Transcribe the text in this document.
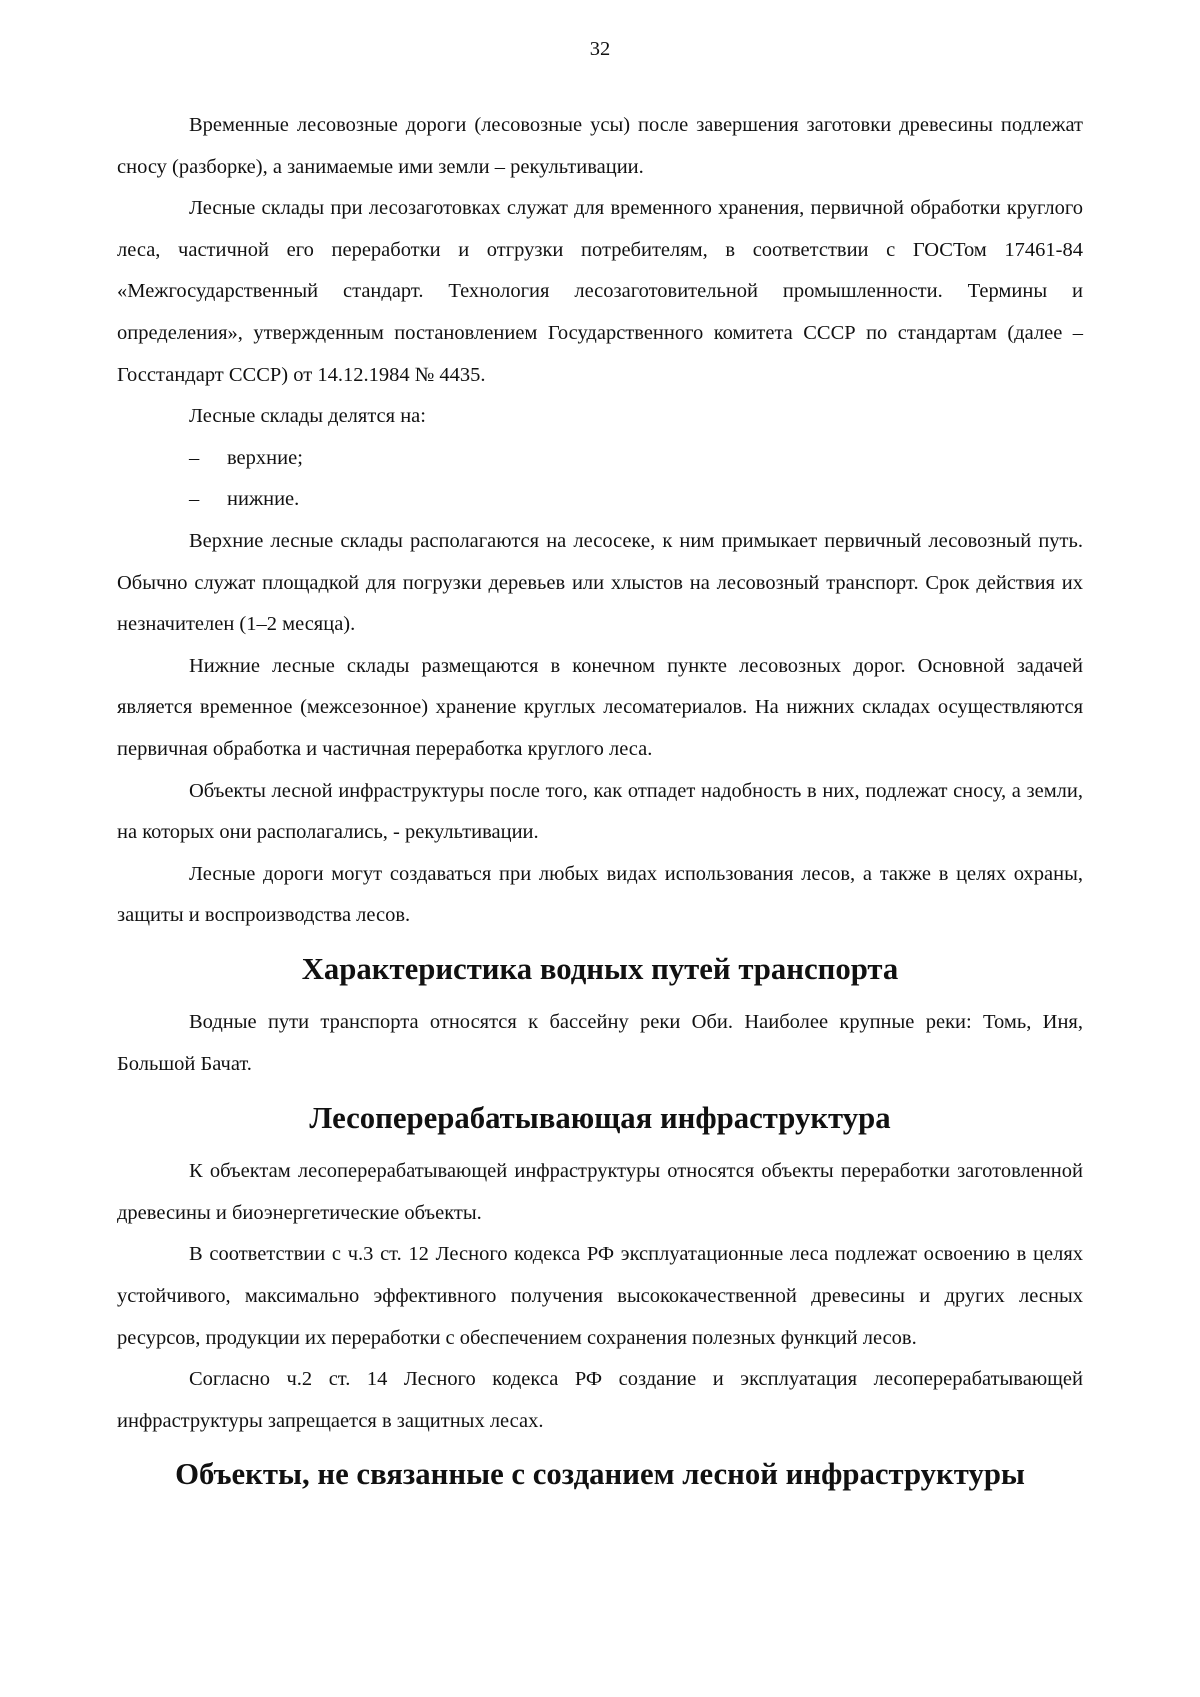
32

Временные лесовозные дороги (лесовозные усы) после завершения заготовки древесины подлежат сносу (разборке), а занимаемые ими земли – рекультивации.

Лесные склады при лесозаготовках служат для временного хранения, первичной обработки круглого леса, частичной его переработки и отгрузки потребителям, в соответствии с ГОСТом 17461-84 «Межгосударственный стандарт. Технология лесозаготовительной промышленности. Термины и определения», утвержденным постановлением Государственного комитета СССР по стандартам (далее – Госстандарт СССР) от 14.12.1984 № 4435.

Лесные склады делятся на:

– верхние;
– нижние.

Верхние лесные склады располагаются на лесосеке, к ним примыкает первичный лесовозный путь. Обычно служат площадкой для погрузки деревьев или хлыстов на лесовозный транспорт. Срок действия их незначителен (1–2 месяца).

Нижние лесные склады размещаются в конечном пункте лесовозных дорог. Основной задачей является временное (межсезонное) хранение круглых лесоматериалов. На нижних складах осуществляются первичная обработка и частичная переработка круглого леса.

Объекты лесной инфраструктуры после того, как отпадет надобность в них, подлежат сносу, а земли, на которых они располагались, - рекультивации.

Лесные дороги могут создаваться при любых видах использования лесов, а также в целях охраны, защиты и воспроизводства лесов.

Характеристика водных путей транспорта

Водные пути транспорта относятся к бассейну реки Оби. Наиболее крупные реки: Томь, Иня, Большой Бачат.

Лесоперерабатывающая инфраструктура

К объектам лесоперерабатывающей инфраструктуры относятся объекты переработки заготовленной древесины и биоэнергетические объекты.

В соответствии с ч.3 ст. 12 Лесного кодекса РФ эксплуатационные леса подлежат освоению в целях устойчивого, максимально эффективного получения высококачественной древесины и других лесных ресурсов, продукции их переработки с обеспечением сохранения полезных функций лесов.

Согласно ч.2 ст. 14 Лесного кодекса РФ создание и эксплуатация лесоперерабатывающей инфраструктуры запрещается в защитных лесах.

Объекты, не связанные с созданием лесной инфраструктуры
